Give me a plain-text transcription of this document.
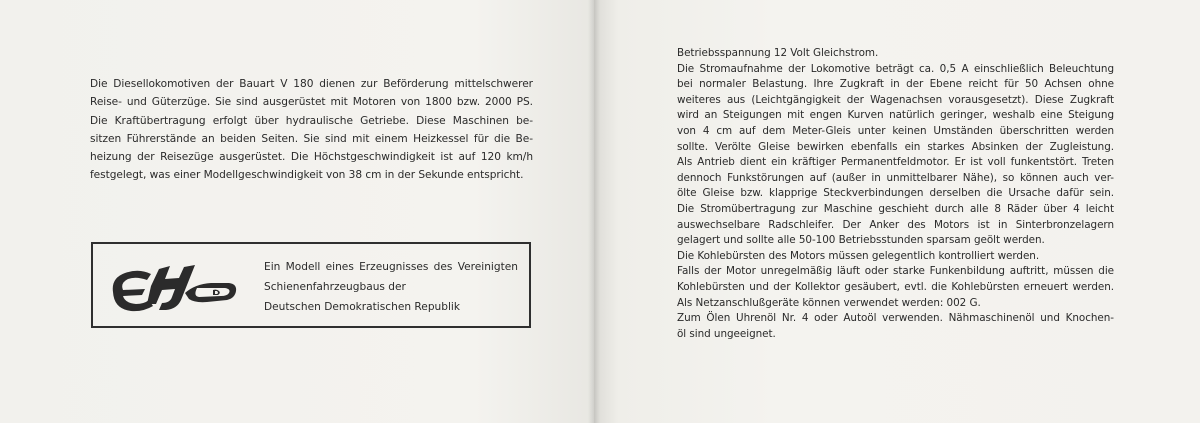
Die Diesellokomotiven der Bauart V 180 dienen zur Beförderung mittelschwerer
Reise- und Güterzüge. Sie sind ausgerüstet mit Motoren von 1800 bzw. 2000 PS.
Die Kraftübertragung erfolgt über hydraulische Getriebe. Diese Maschinen be-
sitzen Führerstände an beiden Seiten. Sie sind mit einem Heizkessel für die Be-
heizung der Reisezüge ausgerüstet. Die Höchstgeschwindigkeit ist auf 120 km/h
festgelegt, was einer Modellgeschwindigkeit von 38 cm in der Sekunde entspricht.
Ein Modell eines Erzeugnisses des Vereinigten
Schienenfahrzeugbaus der
Deutschen Demokratischen Republik
Betriebsspannung 12 Volt Gleichstrom.
Die Stromaufnahme der Lokomotive beträgt ca. 0,5 A einschließlich Beleuchtung
bei normaler Belastung. Ihre Zugkraft in der Ebene reicht für 50 Achsen ohne
weiteres aus (Leichtgängigkeit der Wagenachsen vorausgesetzt). Diese Zugkraft
wird an Steigungen mit engen Kurven natürlich geringer, weshalb eine Steigung
von 4 cm auf dem Meter-Gleis unter keinen Umständen überschritten werden
sollte. Verölte Gleise bewirken ebenfalls ein starkes Absinken der Zugleistung.
Als Antrieb dient ein kräftiger Permanentfeldmotor. Er ist voll funkentstört. Treten
dennoch Funkstörungen auf (außer in unmittelbarer Nähe), so können auch ver-
ölte Gleise bzw. klapprige Steckverbindungen derselben die Ursache dafür sein.
Die Stromübertragung zur Maschine geschieht durch alle 8 Räder über 4 leicht
auswechselbare Radschleifer. Der Anker des Motors ist in Sinterbronzelagern
gelagert und sollte alle 50-100 Betriebsstunden sparsam geölt werden.
Die Kohlebürsten des Motors müssen gelegentlich kontrolliert werden.
Falls der Motor unregelmäßig läuft oder starke Funkenbildung auftritt, müssen die
Kohlebürsten und der Kollektor gesäubert, evtl. die Kohlebürsten erneuert werden.
Als Netzanschlußgeräte können verwendet werden: 002 G.
Zum Ölen Uhrenöl Nr. 4 oder Autoöl verwenden. Nähmaschinenöl und Knochen-
öl sind ungeeignet.
